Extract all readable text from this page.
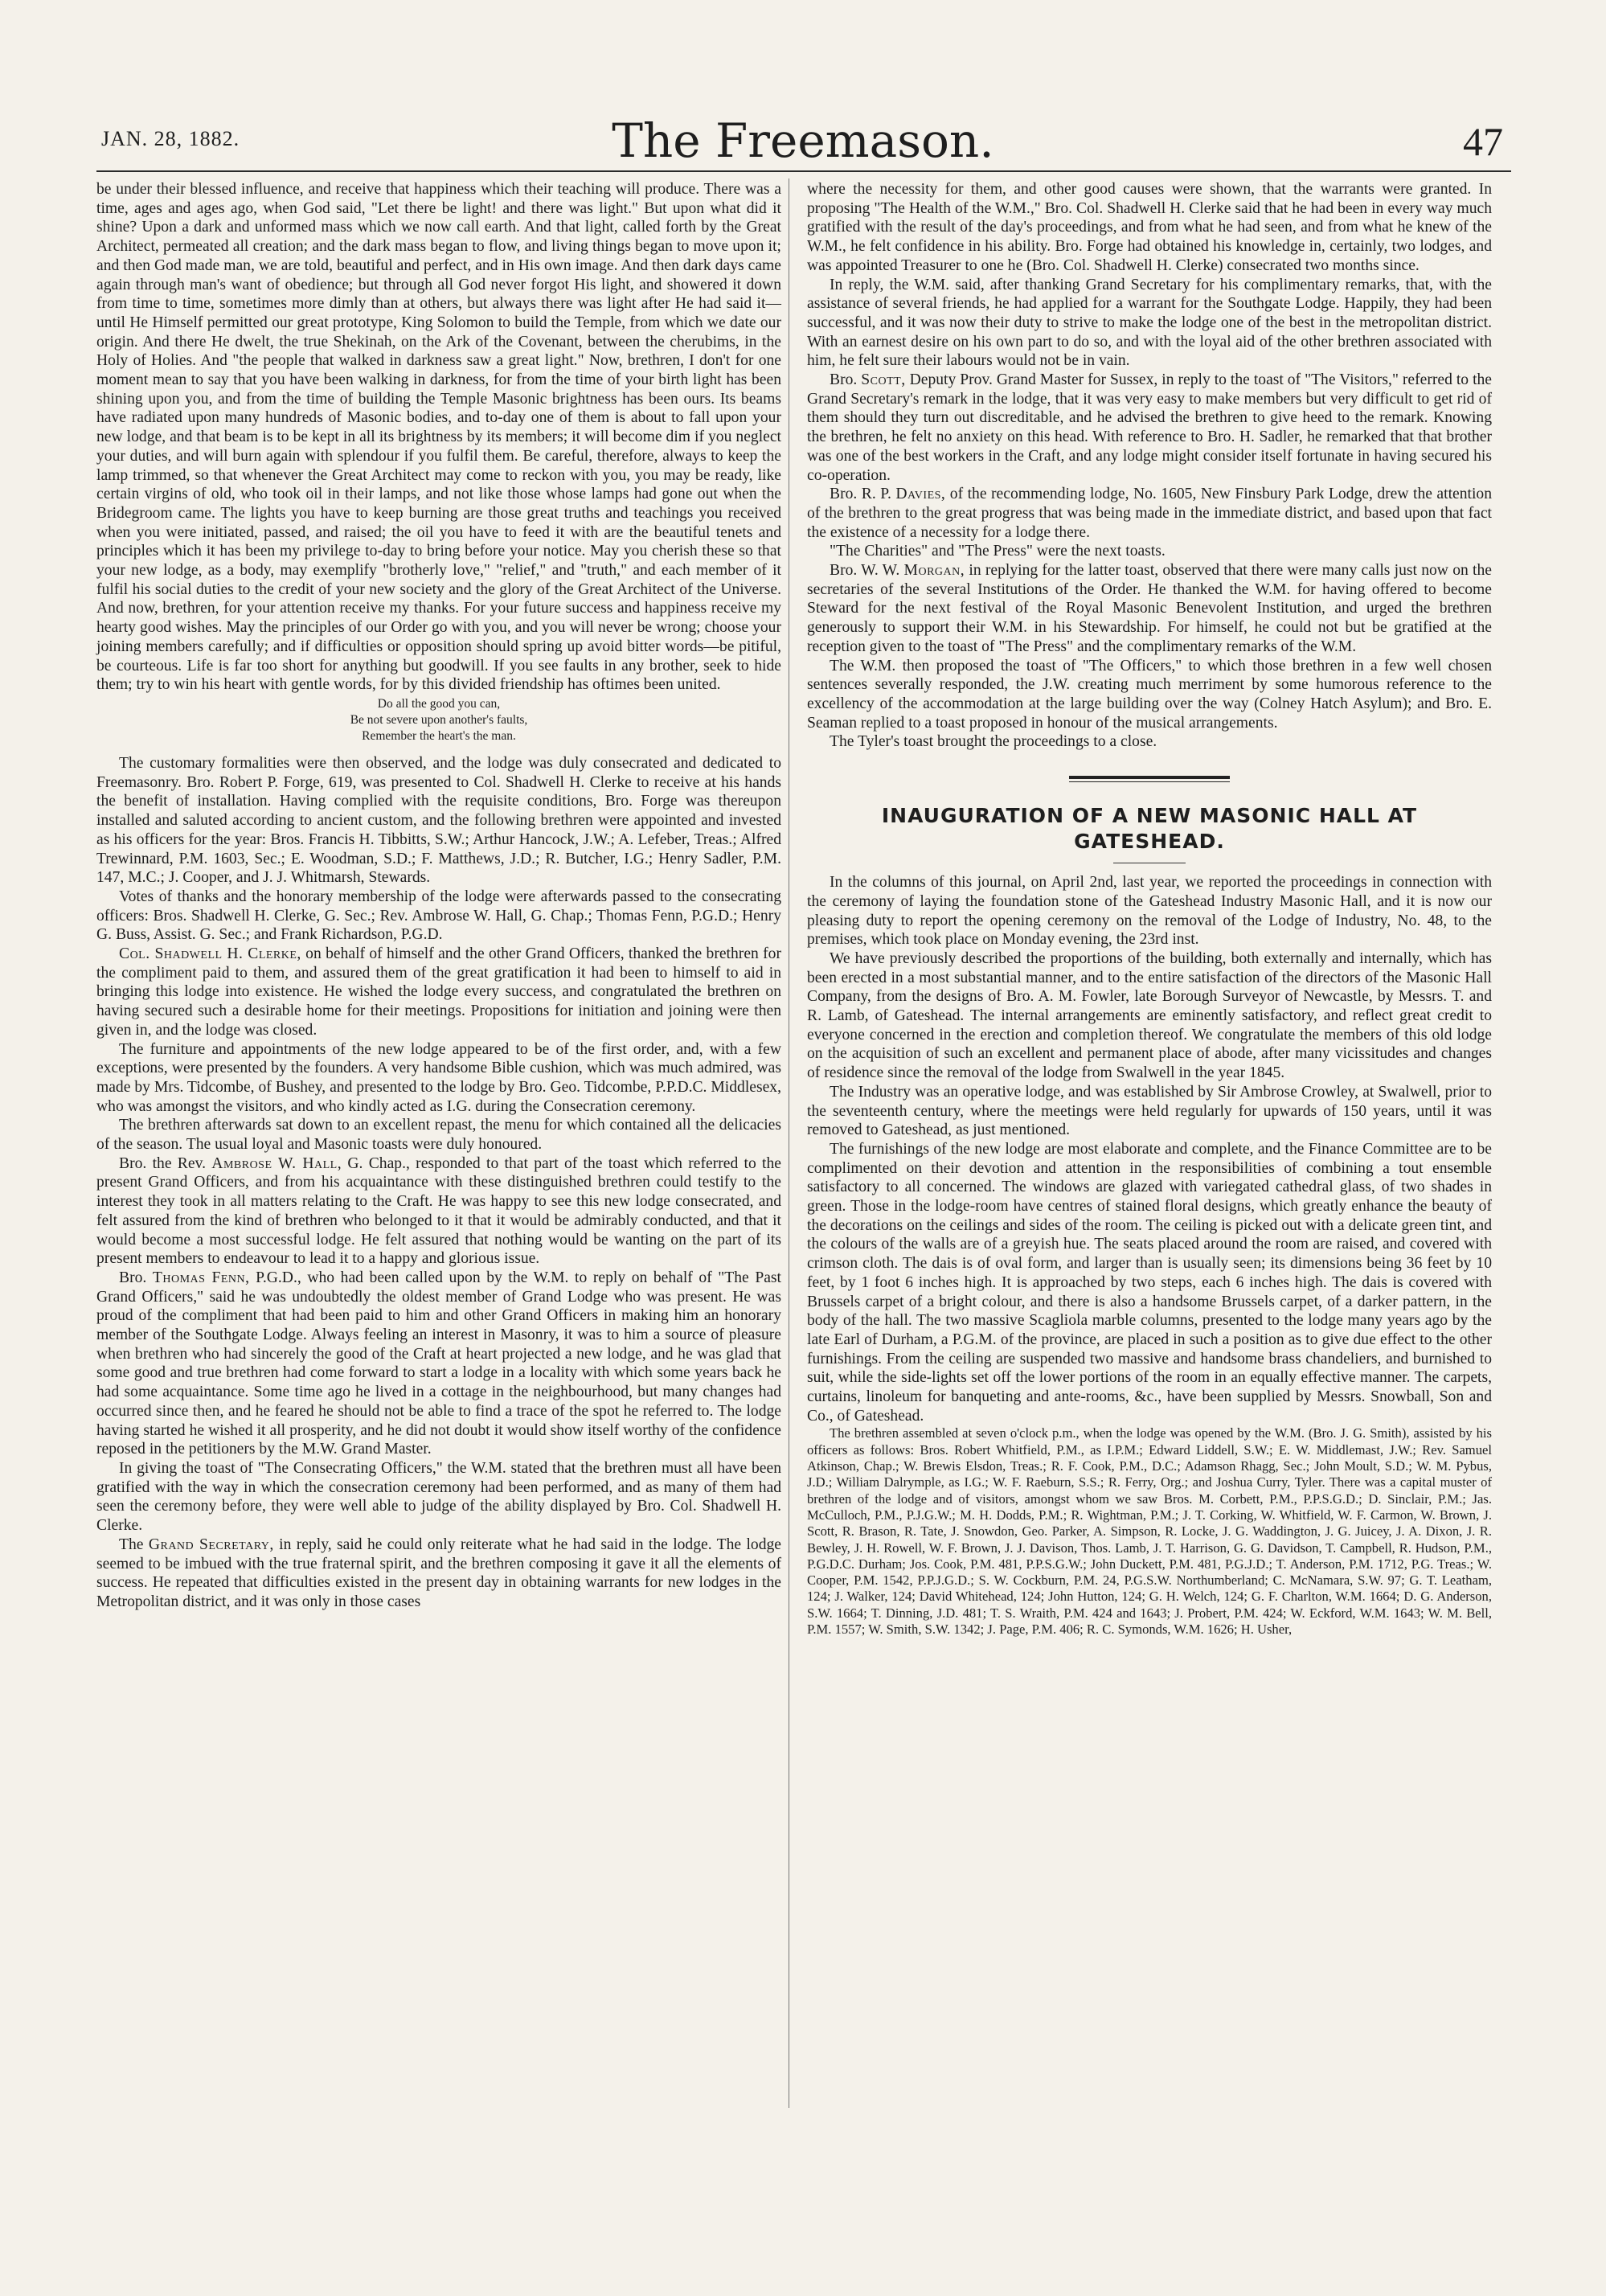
JAN. 28, 1882.	The Freemason.	47

be under their blessed influence, and receive that happiness which their teaching will produce. There was a time, ages and ages ago, when God said, "Let there be light! and there was light." But upon what did it shine? Upon a dark and unformed mass which we now call earth. And that light, called forth by the Great Architect, permeated all creation; and the dark mass began to flow, and living things began to move upon it; and then God made man, we are told, beautiful and perfect, and in His own image. And then dark days came again through man's want of obedience; but through all God never forgot His light, and showered it down from time to time, sometimes more dimly than at others, but always there was light after He had said it—until He Himself permitted our great prototype, King Solomon to build the Temple, from which we date our origin. And there He dwelt, the true Shekinah, on the Ark of the Covenant, between the cherubims, in the Holy of Holies. And "the people that walked in darkness saw a great light." Now, brethren, I don't for one moment mean to say that you have been walking in darkness, for from the time of your birth light has been shining upon you, and from the time of building the Temple Masonic brightness has been ours. Its beams have radiated upon many hundreds of Masonic bodies, and to-day one of them is about to fall upon your new lodge, and that beam is to be kept in all its brightness by its members; it will become dim if you neglect your duties, and will burn again with splendour if you fulfil them. Be careful, therefore, always to keep the lamp trimmed, so that whenever the Great Architect may come to reckon with you, you may be ready, like certain virgins of old, who took oil in their lamps, and not like those whose lamps had gone out when the Bridegroom came. The lights you have to keep burning are those great truths and teachings you received when you were initiated, passed, and raised; the oil you have to feed it with are the beautiful tenets and principles which it has been my privilege to-day to bring before your notice. May you cherish these so that your new lodge, as a body, may exemplify "brotherly love," "relief," and "truth," and each member of it fulfil his social duties to the credit of your new society and the glory of the Great Architect of the Universe. And now, brethren, for your attention receive my thanks. For your future success and happiness receive my hearty good wishes. May the principles of our Order go with you, and you will never be wrong; choose your joining members carefully; and if difficulties or opposition should spring up avoid bitter words—be pitiful, be courteous. Life is far too short for anything but goodwill. If you see faults in any brother, seek to hide them; try to win his heart with gentle words, for by this divided friendship has oftimes been united.

Do all the good you can,
Be not severe upon another's faults,
Remember the heart's the man.

The customary formalities were then observed, and the lodge was duly consecrated and dedicated to Freemasonry. Bro. Robert P. Forge, 619, was presented to Col. Shadwell H. Clerke to receive at his hands the benefit of installation. Having complied with the requisite conditions, Bro. Forge was thereupon installed and saluted according to ancient custom, and the following brethren were appointed and invested as his officers for the year: Bros. Francis H. Tibbitts, S.W.; Arthur Hancock, J.W.; A. Lefeber, Treas.; Alfred Trewinnard, P.M. 1603, Sec.; E. Woodman, S.D.; F. Matthews, J.D.; R. Butcher, I.G.; Henry Sadler, P.M. 147, M.C.; J. Cooper, and J. J. Whitmarsh, Stewards.

Votes of thanks and the honorary membership of the lodge were afterwards passed to the consecrating officers: Bros. Shadwell H. Clerke, G. Sec.; Rev. Ambrose W. Hall, G. Chap.; Thomas Fenn, P.G.D.; Henry G. Buss, Assist. G. Sec.; and Frank Richardson, P.G.D.

Col. Shadwell H. Clerke, on behalf of himself and the other Grand Officers, thanked the brethren for the compliment paid to them, and assured them of the great gratification it had been to himself to aid in bringing this lodge into existence. He wished the lodge every success, and congratulated the brethren on having secured such a desirable home for their meetings. Propositions for initiation and joining were then given in, and the lodge was closed.

The furniture and appointments of the new lodge appeared to be of the first order, and, with a few exceptions, were presented by the founders. A very handsome Bible cushion, which was much admired, was made by Mrs. Tidcombe, of Bushey, and presented to the lodge by Bro. Geo. Tidcombe, P.P.D.C. Middlesex, who was amongst the visitors, and who kindly acted as I.G. during the Consecration ceremony.

The brethren afterwards sat down to an excellent repast, the menu for which contained all the delicacies of the season. The usual loyal and Masonic toasts were duly honoured.

Bro. the Rev. Ambrose W. Hall, G. Chap., responded to that part of the toast which referred to the present Grand Officers, and from his acquaintance with these distinguished brethren could testify to the interest they took in all matters relating to the Craft. He was happy to see this new lodge consecrated, and felt assured from the kind of brethren who belonged to it that it would be admirably conducted, and that it would become a most successful lodge. He felt assured that nothing would be wanting on the part of its present members to endeavour to lead it to a happy and glorious issue.

Bro. Thomas Fenn, P.G.D., who had been called upon by the W.M. to reply on behalf of "The Past Grand Officers," said he was undoubtedly the oldest member of Grand Lodge who was present. He was proud of the compliment that had been paid to him and other Grand Officers in making him an honorary member of the Southgate Lodge. Always feeling an interest in Masonry, it was to him a source of pleasure when brethren who had sincerely the good of the Craft at heart projected a new lodge, and he was glad that some good and true brethren had come forward to start a lodge in a locality with which some years back he had some acquaintance. Some time ago he lived in a cottage in the neighbourhood, but many changes had occurred since then, and he feared he should not be able to find a trace of the spot he referred to. The lodge having started he wished it all prosperity, and he did not doubt it would show itself worthy of the confidence reposed in the petitioners by the M.W. Grand Master.

In giving the toast of "The Consecrating Officers," the W.M. stated that the brethren must all have been gratified with the way in which the consecration ceremony had been performed, and as many of them had seen the ceremony before, they were well able to judge of the ability displayed by Bro. Col. Shadwell H. Clerke.

The Grand Secretary, in reply, said he could only reiterate what he had said in the lodge. The lodge seemed to be imbued with the true fraternal spirit, and the brethren composing it gave it all the elements of success. He repeated that difficulties existed in the present day in obtaining warrants for new lodges in the Metropolitan district, and it was only in those cases

where the necessity for them, and other good causes were shown, that the warrants were granted. In proposing "The Health of the W.M.," Bro. Col. Shadwell H. Clerke said that he had been in every way much gratified with the result of the day's proceedings, and from what he had seen, and from what he knew of the W.M., he felt confidence in his ability. Bro. Forge had obtained his knowledge in, certainly, two lodges, and was appointed Treasurer to one he (Bro. Col. Shadwell H. Clerke) consecrated two months since.

In reply, the W.M. said, after thanking Grand Secretary for his complimentary remarks, that, with the assistance of several friends, he had applied for a warrant for the Southgate Lodge. Happily, they had been successful, and it was now their duty to strive to make the lodge one of the best in the metropolitan district. With an earnest desire on his own part to do so, and with the loyal aid of the other brethren associated with him, he felt sure their labours would not be in vain.

Bro. Scott, Deputy Prov. Grand Master for Sussex, in reply to the toast of "The Visitors," referred to the Grand Secretary's remark in the lodge, that it was very easy to make members but very difficult to get rid of them should they turn out discreditable, and he advised the brethren to give heed to the remark. Knowing the brethren, he felt no anxiety on this head. With reference to Bro. H. Sadler, he remarked that that brother was one of the best workers in the Craft, and any lodge might consider itself fortunate in having secured his co-operation.

Bro. R. P. Davies, of the recommending lodge, No. 1605, New Finsbury Park Lodge, drew the attention of the brethren to the great progress that was being made in the immediate district, and based upon that fact the existence of a necessity for a lodge there.

"The Charities" and "The Press" were the next toasts.

Bro. W. W. Morgan, in replying for the latter toast, observed that there were many calls just now on the secretaries of the several Institutions of the Order. He thanked the W.M. for having offered to become Steward for the next festival of the Royal Masonic Benevolent Institution, and urged the brethren generously to support their W.M. in his Stewardship. For himself, he could not but be gratified at the reception given to the toast of "The Press" and the complimentary remarks of the W.M.

The W.M. then proposed the toast of "The Officers," to which those brethren in a few well chosen sentences severally responded, the J.W. creating much merriment by some humorous reference to the excellency of the accommodation at the large building over the way (Colney Hatch Asylum); and Bro. E. Seaman replied to a toast proposed in honour of the musical arrangements.

The Tyler's toast brought the proceedings to a close.

INAUGURATION OF A NEW MASONIC HALL AT GATESHEAD.

In the columns of this journal, on April 2nd, last year, we reported the proceedings in connection with the ceremony of laying the foundation stone of the Gateshead Industry Masonic Hall, and it is now our pleasing duty to report the opening ceremony on the removal of the Lodge of Industry, No. 48, to the premises, which took place on Monday evening, the 23rd inst.

We have previously described the proportions of the building, both externally and internally, which has been erected in a most substantial manner, and to the entire satisfaction of the directors of the Masonic Hall Company, from the designs of Bro. A. M. Fowler, late Borough Surveyor of Newcastle, by Messrs. T. and R. Lamb, of Gateshead. The internal arrangements are eminently satisfactory, and reflect great credit to everyone concerned in the erection and completion thereof. We congratulate the members of this old lodge on the acquisition of such an excellent and permanent place of abode, after many vicissitudes and changes of residence since the removal of the lodge from Swalwell in the year 1845.

The Industry was an operative lodge, and was established by Sir Ambrose Crowley, at Swalwell, prior to the seventeenth century, where the meetings were held regularly for upwards of 150 years, until it was removed to Gateshead, as just mentioned.

The furnishings of the new lodge are most elaborate and complete, and the Finance Committee are to be complimented on their devotion and attention in the responsibilities of combining a tout ensemble satisfactory to all concerned. The windows are glazed with variegated cathedral glass, of two shades in green. Those in the lodge-room have centres of stained floral designs, which greatly enhance the beauty of the decorations on the ceilings and sides of the room. The ceiling is picked out with a delicate green tint, and the colours of the walls are of a greyish hue. The seats placed around the room are raised, and covered with crimson cloth. The dais is of oval form, and larger than is usually seen; its dimensions being 36 feet by 10 feet, by 1 foot 6 inches high. It is approached by two steps, each 6 inches high. The dais is covered with Brussels carpet of a bright colour, and there is also a handsome Brussels carpet, of a darker pattern, in the body of the hall. The two massive Scagliola marble columns, presented to the lodge many years ago by the late Earl of Durham, a P.G.M. of the province, are placed in such a position as to give due effect to the other furnishings. From the ceiling are suspended two massive and handsome brass chandeliers, and burnished to suit, while the side-lights set off the lower portions of the room in an equally effective manner. The carpets, curtains, linoleum for banqueting and ante-rooms, &c., have been supplied by Messrs. Snowball, Son and Co., of Gateshead.

The brethren assembled at seven o'clock p.m., when the lodge was opened by the W.M. (Bro. J. G. Smith), assisted by his officers as follows: Bros. Robert Whitfield, P.M., as I.P.M.; Edward Liddell, S.W.; E. W. Middlemast, J.W.; Rev. Samuel Atkinson, Chap.; W. Brewis Elsdon, Treas.; R. F. Cook, P.M., D.C.; Adamson Rhagg, Sec.; John Moult, S.D.; W. M. Pybus, J.D.; William Dalrymple, as I.G.; W. F. Raeburn, S.S.; R. Ferry, Org.; and Joshua Curry, Tyler. There was a capital muster of brethren of the lodge and of visitors, amongst whom we saw Bros. M. Corbett, P.M., P.P.S.G.D.; D. Sinclair, P.M.; Jas. McCulloch, P.M., P.J.G.W.; M. H. Dodds, P.M.; R. Wightman, P.M.; J. T. Corking, W. Whitfield, W. F. Carmon, W. Brown, J. Scott, R. Brason, R. Tate, J. Snowdon, Geo. Parker, A. Simpson, R. Locke, J. G. Waddington, J. G. Juicey, J. A. Dixon, J. R. Bewley, J. H. Rowell, W. F. Brown, J. J. Davison, Thos. Lamb, J. T. Harrison, G. G. Davidson, T. Campbell, R. Hudson, P.M., P.G.D.C. Durham; Jos. Cook, P.M. 481, P.P.S.G.W.; John Duckett, P.M. 481, P.G.J.D.; T. Anderson, P.M. 1712, P.G. Treas.; W. Cooper, P.M. 1542, P.P.J.G.D.; S. W. Cockburn, P.M. 24, P.G.S.W. Northumberland; C. McNamara, S.W. 97; G. T. Leatham, 124; J. Walker, 124; David Whitehead, 124; John Hutton, 124; G. H. Welch, 124; G. F. Charlton, W.M. 1664; D. G. Anderson, S.W. 1664; T. Dinning, J.D. 481; T. S. Wraith, P.M. 424 and 1643; J. Probert, P.M. 424; W. Eckford, W.M. 1643; W. M. Bell, P.M. 1557; W. Smith, S.W. 1342; J. Page, P.M. 406; R. C. Symonds, W.M. 1626; H. Usher,
